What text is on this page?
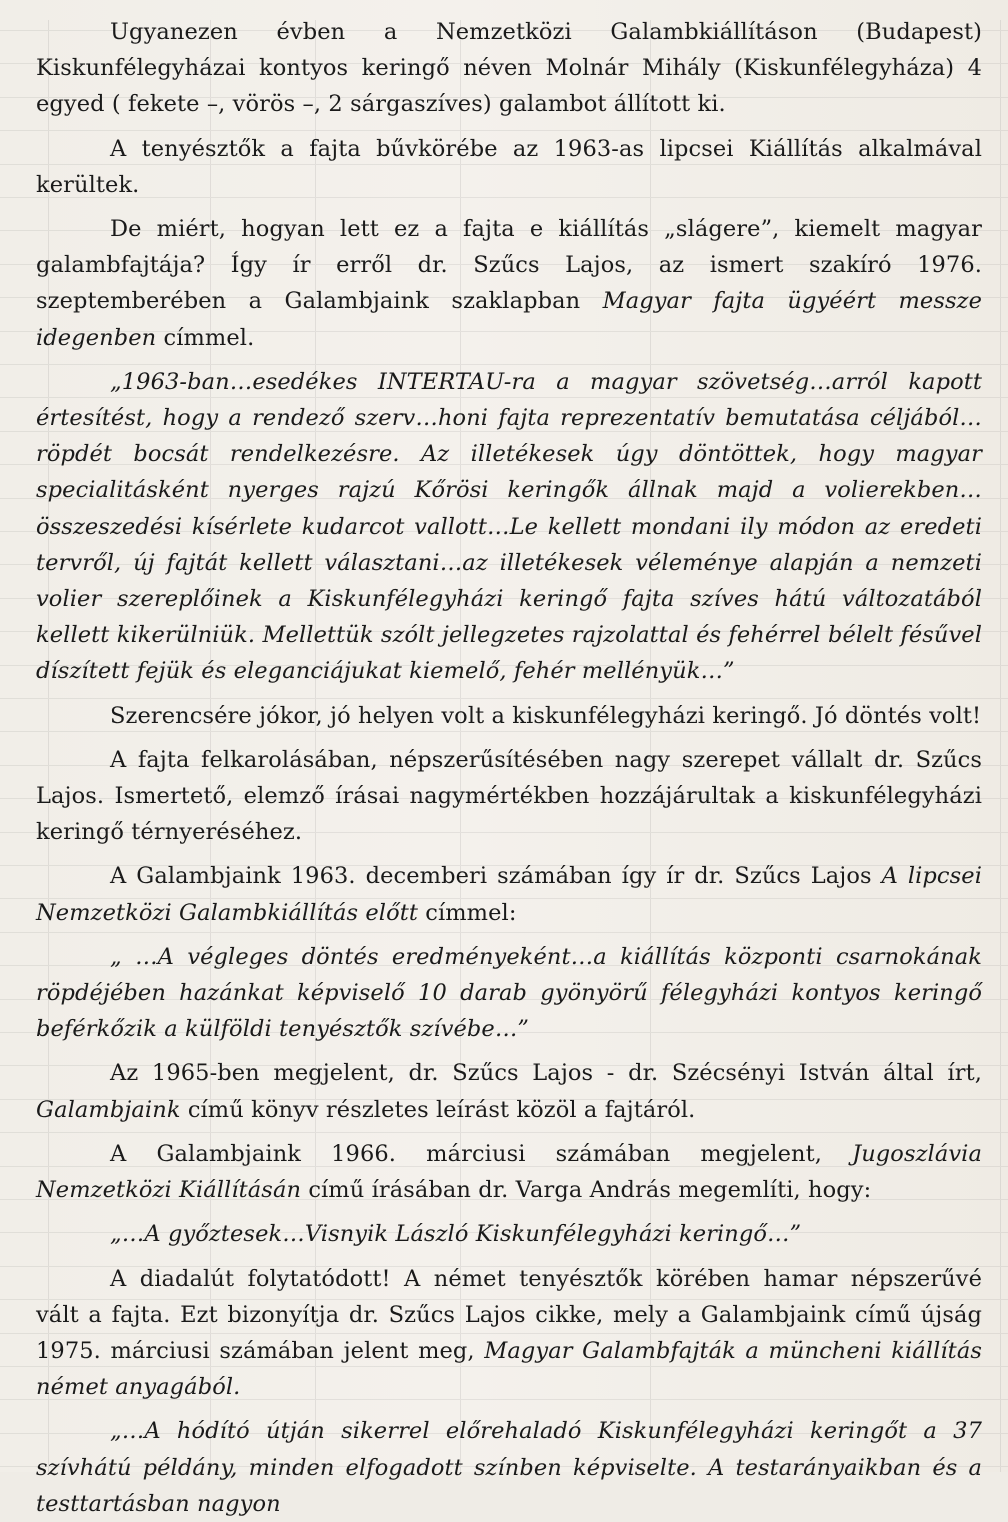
Ugyanezen évben a Nemzetközi Galambkiállításon (Budapest) Kiskunfélegyházai kontyos keringő néven Molnár Mihály (Kiskunfélegyháza) 4 egyed ( fekete –, vörös –, 2 sárgaszíves) galambot állított ki.

A tenyésztők a fajta bűvkörébe az 1963-as lipcsei Kiállítás alkalmával kerültek.

De miért, hogyan lett ez a fajta e kiállítás „slágere”, kiemelt magyar galambfajtája? Így ír erről dr. Szűcs Lajos, az ismert szakíró 1976. szeptemberében a Galambjaink szaklapban Magyar fajta ügyéért messze idegenben címmel.

„1963-ban…esedékes INTERTAU-ra a magyar szövetség…arról kapott értesítést, hogy a rendező szerv…honi fajta reprezentatív bemutatása céljából…röpdét bocsát rendelkezésre. Az illetékesek úgy döntöttek, hogy magyar specialitásként nyerges rajzú Kőrösi keringők állnak majd a volierekben…összeszedési kísérlete kudarcot vallott…Le kellett mondani ily módon az eredeti tervről, új fajtát kellett választani…az illetékesek véleménye alapján a nemzeti volier szereplőinek a Kiskunfélegyházi keringő fajta szíves hátú változatából kellett kikerülniük. Mellettük szólt jellegzetes rajzolattal és fehérrel bélelt fésűvel díszített fejük és eleganciájukat kiemelő, fehér mellényük…”

Szerencsére jókor, jó helyen volt a kiskunfélegyházi keringő. Jó döntés volt!

A fajta felkarolásában, népszerűsítésében nagy szerepet vállalt dr. Szűcs Lajos. Ismertető, elemző írásai nagymértékben hozzájárultak a kiskunfélegyházi keringő térnyeréséhez.

A Galambjaink 1963. decemberi számában így ír dr. Szűcs Lajos A lipcsei Nemzetközi Galambkiállítás előtt címmel:

„ …A végleges döntés eredményeként…a kiállítás központi csarnokának röpdéjében hazánkat képviselő 10 darab gyönyörű félegyházi kontyos keringő beférkőzik a külföldi tenyésztők szívébe…”

Az 1965-ben megjelent, dr. Szűcs Lajos - dr. Szécsényi István által írt, Galambjaink című könyv részletes leírást közöl a fajtáról.

A Galambjaink 1966. márciusi számában megjelent, Jugoszlávia Nemzetközi Kiállításán című írásában dr. Varga András megemlíti, hogy:

„…A győztesek…Visnyik László Kiskunfélegyházi keringő…”

A diadalút folytatódott! A német tenyésztők körében hamar népszerűvé vált a fajta. Ezt bizonyítja dr. Szűcs Lajos cikke, mely a Galambjaink című újság 1975. márciusi számában jelent meg, Magyar Galambfajták a müncheni kiállítás német anyagából.

„…A hódító útján sikerrel előrehaladó Kiskunfélegyházi keringőt a 37 szívhátú példány, minden elfogadott színben képviselte. A testarányaikban és a testtartásban nagyon
